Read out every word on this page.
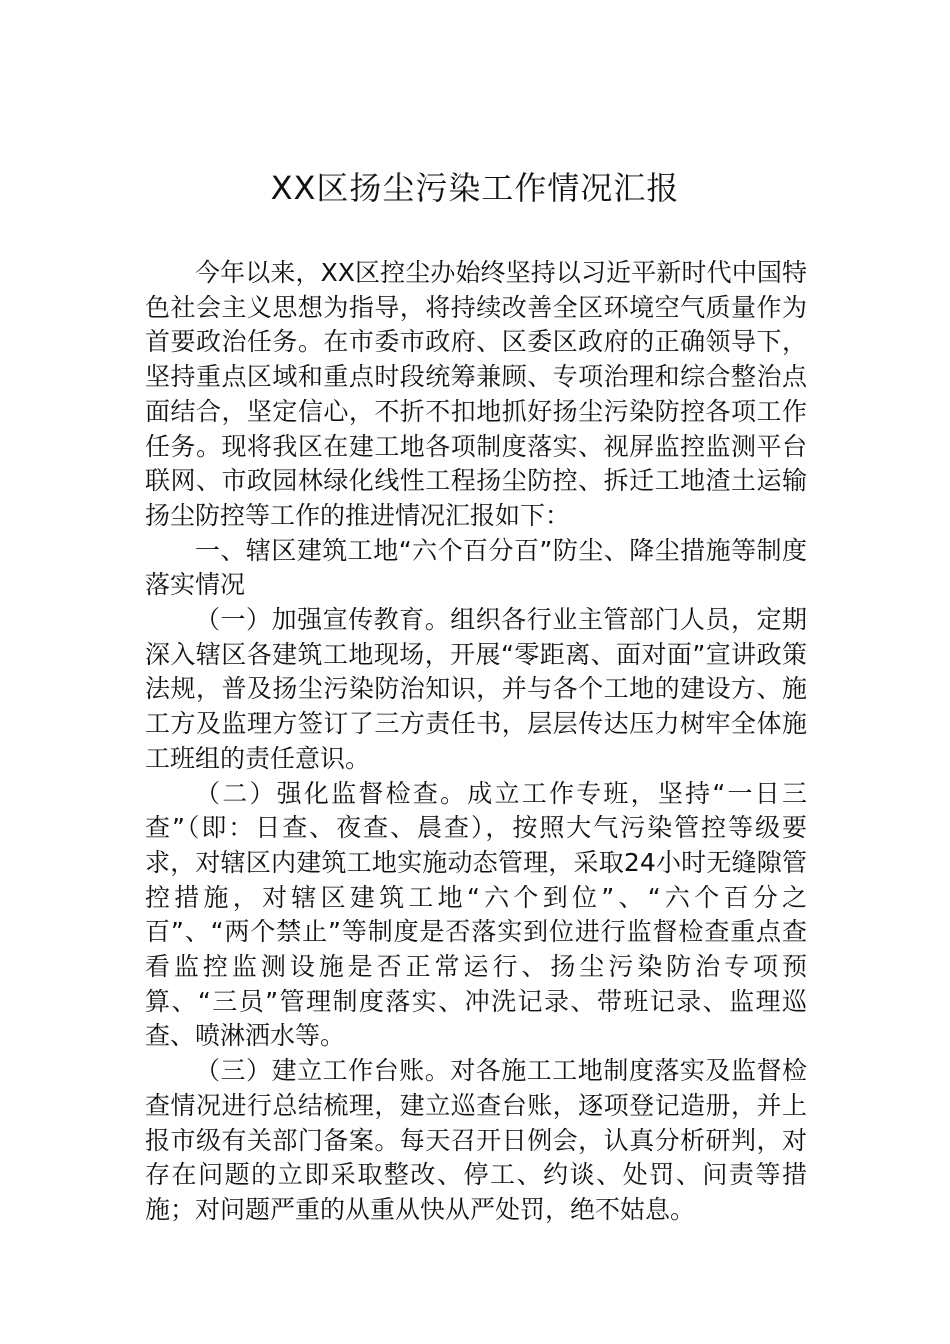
XX区扬尘污染工作情况汇报

今年以来，XX区控尘办始终坚持以习近平新时代中国特色社会主义思想为指导，将持续改善全区环境空气质量作为首要政治任务。在市委市政府、区委区政府的正确领导下，坚持重点区域和重点时段统筹兼顾、专项治理和综合整治点面结合，坚定信心，不折不扣地抓好扬尘污染防控各项工作任务。现将我区在建工地各项制度落实、视屏监控监测平台联网、市政园林绿化线性工程扬尘防控、拆迁工地渣土运输扬尘防控等工作的推进情况汇报如下：

一、辖区建筑工地“六个百分百”防尘、降尘措施等制度落实情况

（一）加强宣传教育。组织各行业主管部门人员，定期深入辖区各建筑工地现场，开展“零距离、面对面”宣讲政策法规，普及扬尘污染防治知识，并与各个工地的建设方、施工方及监理方签订了三方责任书，层层传达压力树牢全体施工班组的责任意识。

（二）强化监督检查。成立工作专班，坚持“一日三查”（即：日查、夜查、晨查），按照大气污染管控等级要求，对辖区内建筑工地实施动态管理，采取24小时无缝隙管控措施，对辖区建筑工地“六个到位”、“六个百分之百”、“两个禁止”等制度是否落实到位进行监督检查重点查看监控监测设施是否正常运行、扬尘污染防治专项预算、“三员”管理制度落实、冲洗记录、带班记录、监理巡查、喷淋洒水等。

（三）建立工作台账。对各施工工地制度落实及监督检查情况进行总结梳理，建立巡查台账，逐项登记造册，并上报市级有关部门备案。每天召开日例会，认真分析研判，对存在问题的立即采取整改、停工、约谈、处罚、问责等措施；对问题严重的从重从快从严处罚，绝不姑息。
